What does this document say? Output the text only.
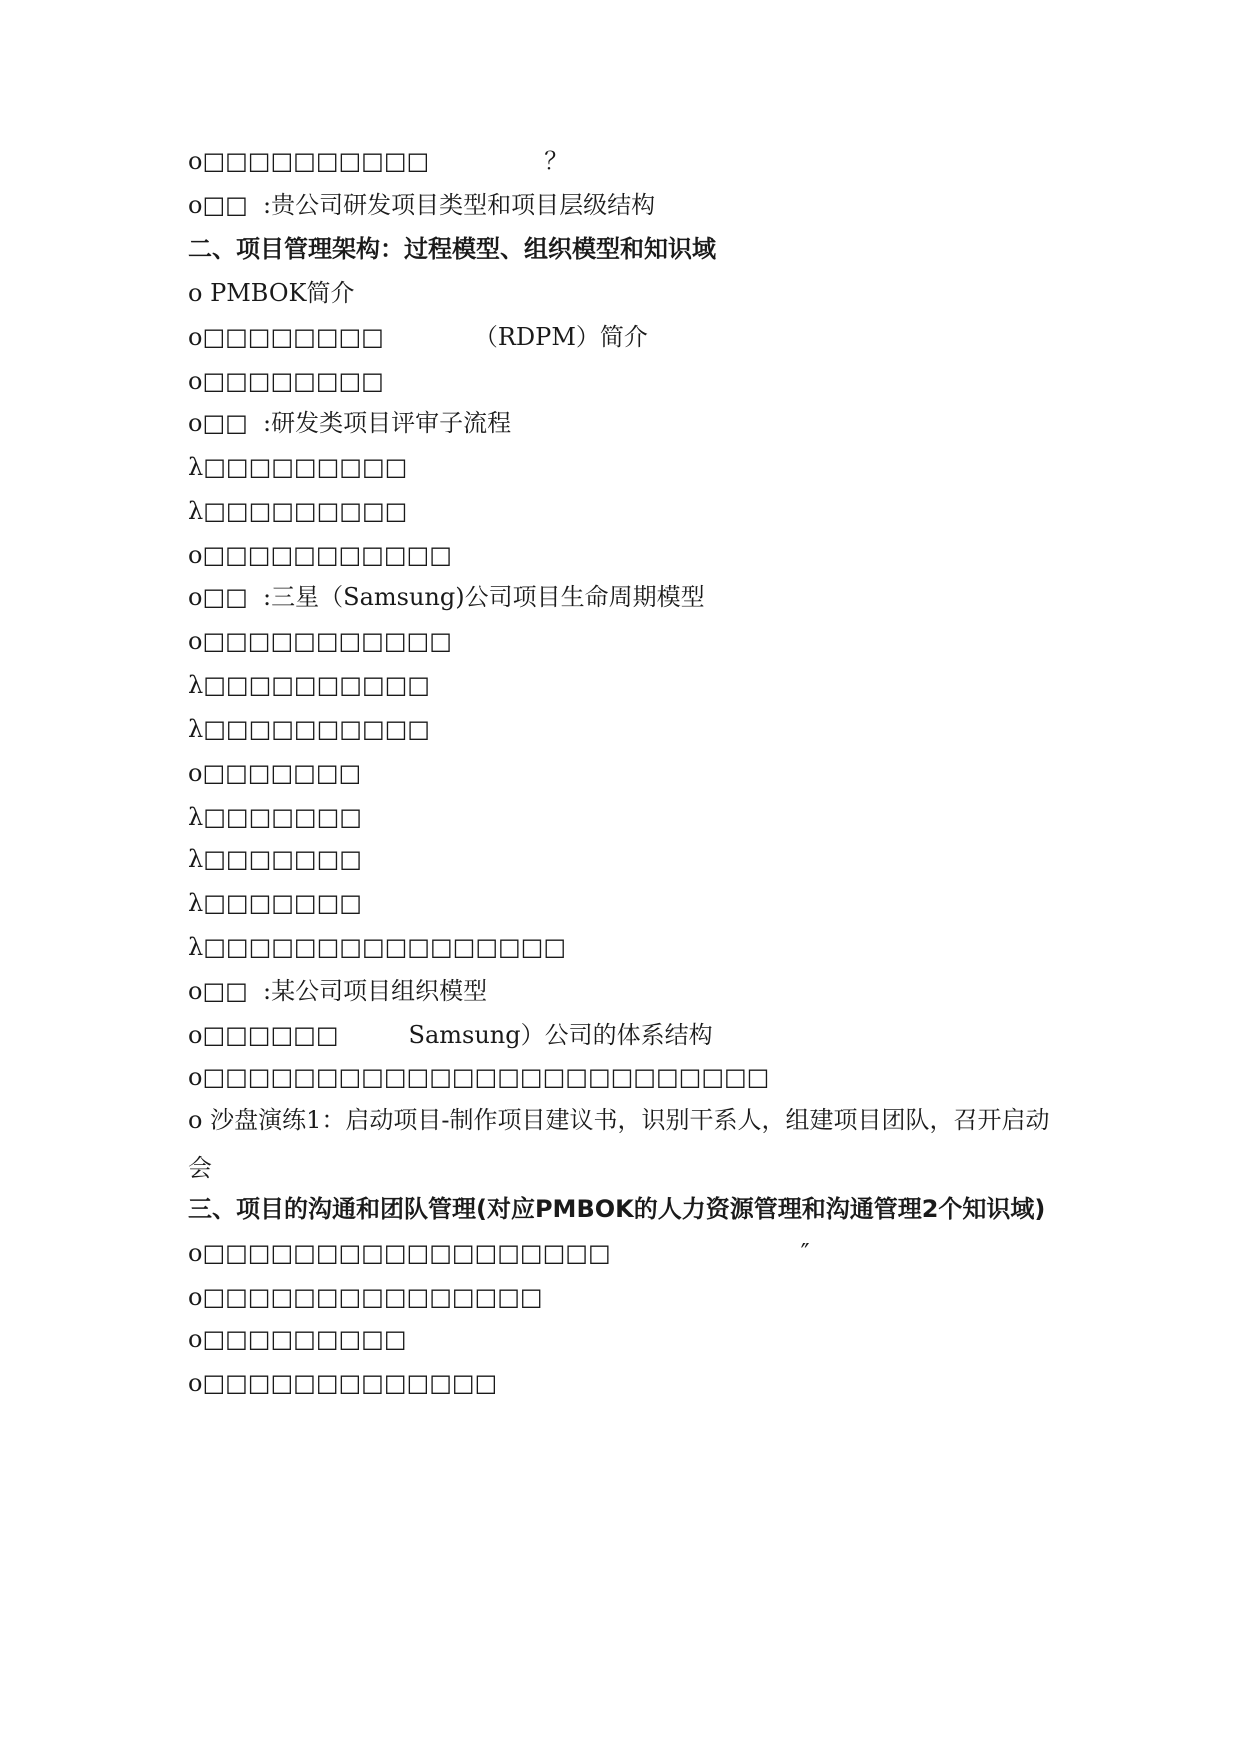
o□□□□□□□□□□	？
o□□  :贵公司研发项目类型和项目层级结构
二、项目管理架构：过程模型、组织模型和知识域
o PMBOK简介
o□□□□□□□□	（RDPM）简介
o□□□□□□□□
o□□  :研发类项目评审子流程
λ□□□□□□□□□
λ□□□□□□□□□
o□□□□□□□□□□□
o□□  :三星（Samsung)公司项目生命周期模型
o□□□□□□□□□□□
λ□□□□□□□□□□
λ□□□□□□□□□□
o□□□□□□□
λ□□□□□□□
λ□□□□□□□
λ□□□□□□□
λ□□□□□□□□□□□□□□□□
o□□  :某公司项目组织模型
o□□□□□□	Samsung）公司的体系结构
o□□□□□□□□□□□□□□□□□□□□□□□□□
o 沙盘演练1：启动项目-制作项目建议书，识别干系人，组建项目团队，召开启动会
三、项目的沟通和团队管理(对应PMBOK的人力资源管理和沟通管理2个知识域)
o□□□□□□□□□□□□□□□□□□	″
o□□□□□□□□□□□□□□□
o□□□□□□□□□
o□□□□□□□□□□□□□
